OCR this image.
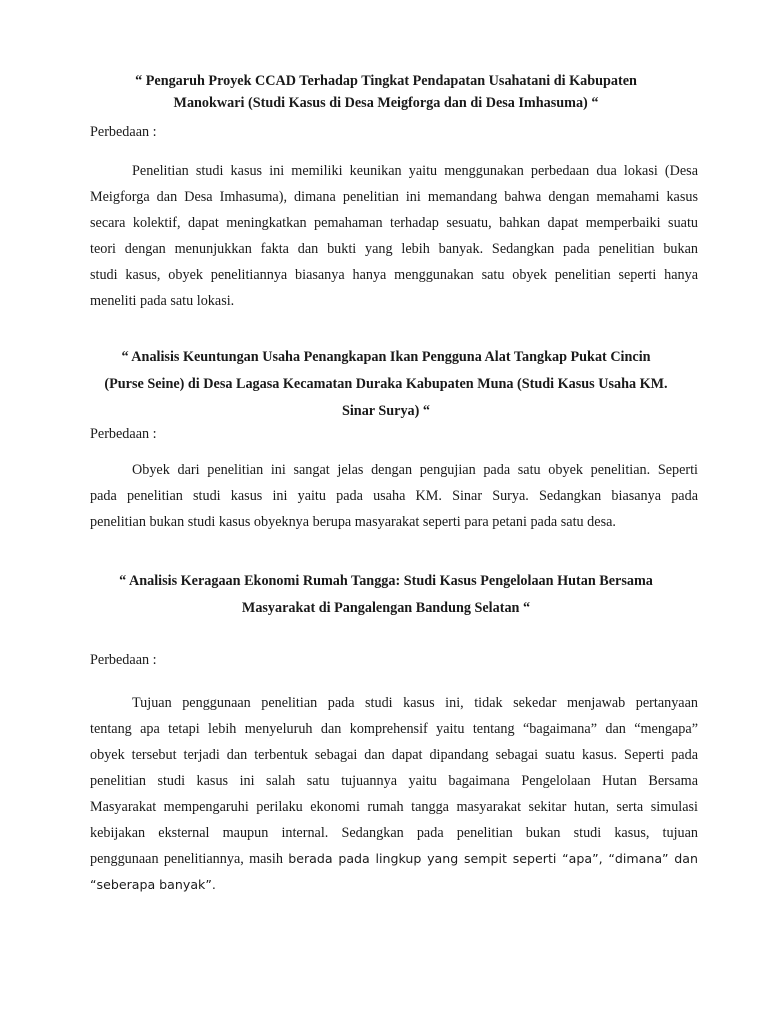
“ Pengaruh Proyek CCAD Terhadap Tingkat Pendapatan Usahatani di Kabupaten
Manokwari (Studi Kasus di Desa Meigforga dan di Desa Imhasuma) “

Perbedaan :

Penelitian studi kasus ini memiliki keunikan yaitu menggunakan perbedaan dua lokasi (Desa
Meigforga dan Desa Imhasuma), dimana penelitian ini memandang bahwa dengan memahami kasus
secara kolektif, dapat meningkatkan pemahaman terhadap sesuatu, bahkan dapat memperbaiki suatu
teori dengan menunjukkan fakta dan bukti yang lebih banyak. Sedangkan pada penelitian bukan
studi kasus, obyek penelitiannya biasanya hanya menggunakan satu obyek penelitian seperti hanya
meneliti pada satu lokasi.

“ Analisis Keuntungan Usaha Penangkapan Ikan Pengguna Alat Tangkap Pukat Cincin
(Purse Seine) di Desa Lagasa Kecamatan Duraka Kabupaten Muna (Studi Kasus Usaha KM.
Sinar Surya) “

Perbedaan :

Obyek dari penelitian ini sangat jelas dengan pengujian pada satu obyek penelitian. Seperti
pada penelitian studi kasus ini yaitu pada usaha KM. Sinar Surya. Sedangkan biasanya pada
penelitian bukan studi kasus obyeknya berupa masyarakat seperti para petani pada satu desa.

“ Analisis Keragaan Ekonomi Rumah Tangga: Studi Kasus Pengelolaan Hutan Bersama
Masyarakat di Pangalengan Bandung Selatan “

Perbedaan :

Tujuan penggunaan penelitian pada studi kasus ini, tidak sekedar menjawab pertanyaan
tentang apa tetapi lebih menyeluruh dan komprehensif yaitu tentang “bagaimana” dan “mengapa”
obyek tersebut terjadi dan terbentuk sebagai dan dapat dipandang sebagai suatu kasus. Seperti pada
penelitian studi kasus ini salah satu tujuannya yaitu bagaimana Pengelolaan Hutan Bersama
Masyarakat mempengaruhi perilaku ekonomi rumah tangga masyarakat sekitar hutan, serta simulasi
kebijakan eksternal maupun internal. Sedangkan pada penelitian bukan studi kasus, tujuan
penggunaan penelitiannya, masih berada pada lingkup yang sempit seperti “apa”, “dimana” dan
“seberapa banyak”.
